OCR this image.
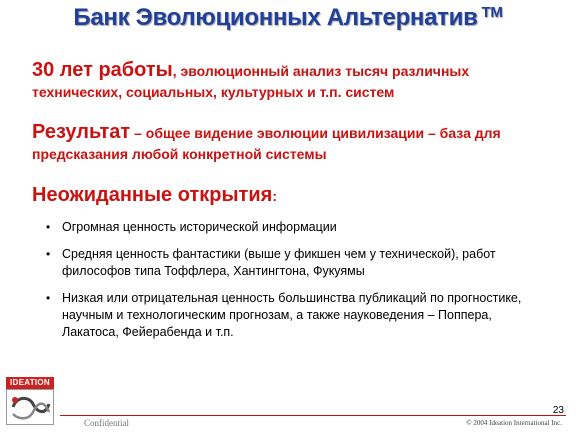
Банк Эволюционных Альтернатив ™
30 лет работы, эволюционный анализ тысяч различных технических, социальных, культурных и т.п. систем
Результат – общее видение эволюции цивилизации – база для предсказания любой конкретной системы
Неожиданные открытия:
• Огромная ценность исторической информации
• Средняя ценность фантастики (выше у фикшен чем у технической), работ философов типа Тоффлера, Хантингтона, Фукуямы
• Низкая или отрицательная ценность большинства публикаций по прогностике, научным и технологическим прогнозам, а также науковедения – Поппера, Лакатоса, Фейерабенда и т.п.
IDEATION
Confidential	© 2004 Ideation International Inc.
23
